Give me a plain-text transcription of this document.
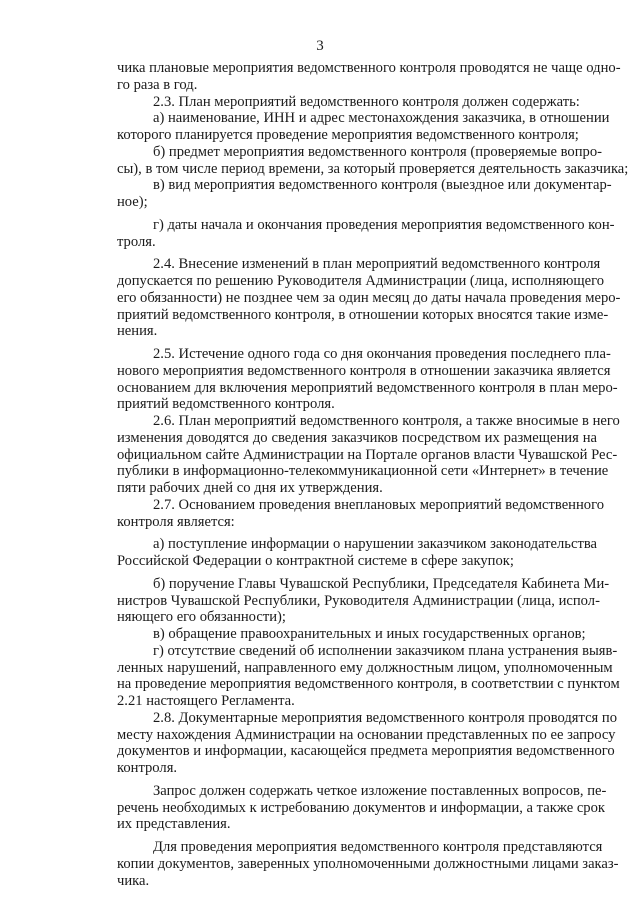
3
чика плановые мероприятия ведомственного контроля проводятся не чаще одно-
го раза в год.
2.3. План мероприятий ведомственного контроля должен содержать:
а) наименование, ИНН и адрес местонахождения заказчика, в отношении
которого планируется проведение мероприятия ведомственного контроля;
б) предмет мероприятия ведомственного контроля (проверяемые вопро-
сы), в том числе период времени, за который проверяется деятельность заказчика;
в) вид мероприятия ведомственного контроля (выездное или документар-
ное);
г) даты начала и окончания проведения мероприятия ведомственного кон-
троля.
2.4. Внесение изменений в план мероприятий ведомственного контроля
допускается по решению Руководителя Администрации (лица, исполняющего
его обязанности) не позднее чем за один месяц до даты начала проведения меро-
приятий ведомственного контроля, в отношении которых вносятся такие изме-
нения.
2.5. Истечение одного года со дня окончания проведения последнего пла-
нового мероприятия ведомственного контроля в отношении заказчика является
основанием для включения мероприятий ведомственного контроля в план меро-
приятий ведомственного контроля.
2.6. План мероприятий ведомственного контроля, а также вносимые в него
изменения доводятся до сведения заказчиков посредством их размещения на
официальном сайте Администрации на Портале органов власти Чувашской Рес-
публики в информационно-телекоммуникационной сети «Интернет» в течение
пяти рабочих дней со дня их утверждения.
2.7. Основанием проведения внеплановых мероприятий ведомственного
контроля является:
а) поступление информации о нарушении заказчиком законодательства
Российской Федерации о контрактной системе в сфере закупок;
б) поручение Главы Чувашской Республики, Председателя Кабинета Ми-
нистров Чувашской Республики, Руководителя Администрации (лица, испол-
няющего его обязанности);
в) обращение правоохранительных и иных государственных органов;
г) отсутствие сведений об исполнении заказчиком плана устранения выяв-
ленных нарушений, направленного ему должностным лицом, уполномоченным
на проведение мероприятия ведомственного контроля, в соответствии с пунктом
2.21 настоящего Регламента.
2.8. Документарные мероприятия ведомственного контроля проводятся по
месту нахождения Администрации на основании представленных по ее запросу
документов и информации, касающейся предмета мероприятия ведомственного
контроля.
Запрос должен содержать четкое изложение поставленных вопросов, пе-
речень необходимых к истребованию документов и информации, а также срок
их представления.
Для проведения мероприятия ведомственного контроля представляются
копии документов, заверенных уполномоченными должностными лицами заказ-
чика.
